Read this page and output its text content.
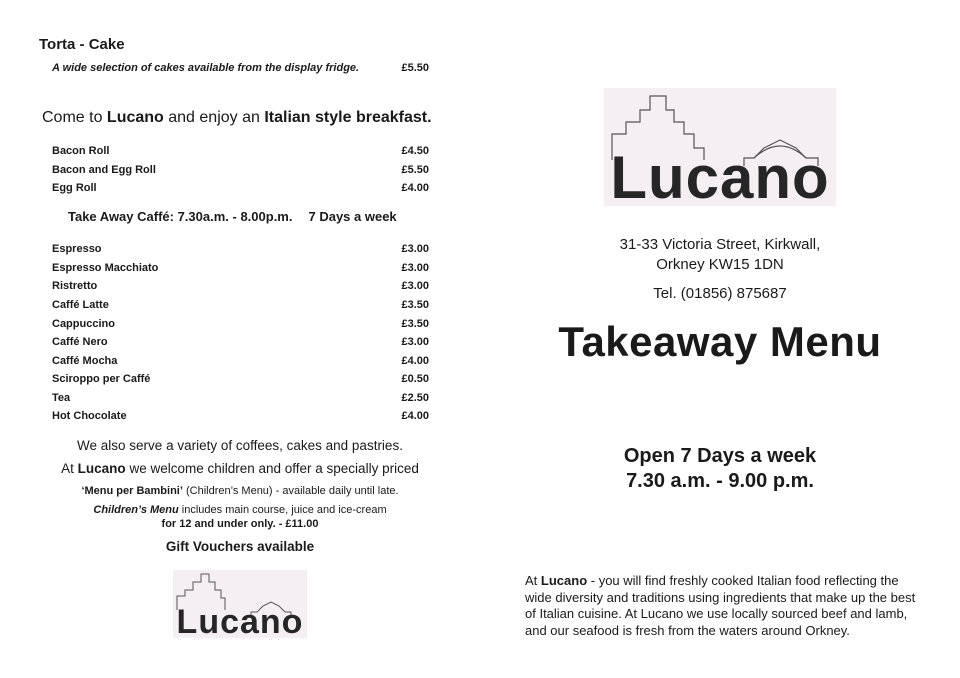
Torta - Cake
A wide selection of cakes available from the display fridge.	£5.50
Come to Lucano and enjoy an Italian style breakfast.
Bacon Roll	£4.50
Bacon and Egg Roll	£5.50
Egg Roll	£4.00
Take Away Caffé: 7.30a.m. - 8.00p.m. 7 Days a week
Espresso	£3.00
Espresso Macchiato	£3.00
Ristretto	£3.00
Caffé Latte	£3.50
Cappuccino	£3.50
Caffé Nero	£3.00
Caffé Mocha	£4.00
Sciroppo per Caffé	£0.50
Tea	£2.50
Hot Chocolate	£4.00
We also serve a variety of coffees, cakes and pastries.
At Lucano we welcome children and offer a specially priced
‘Menu per Bambini’ (Children’s Menu) - available daily until late.
Children’s Menu includes main course, juice and ice-cream
for 12 and under only. - £11.00
Gift Vouchers available
Lucano
Lucano
31-33 Victoria Street, Kirkwall,
Orkney KW15 1DN
Tel. (01856) 875687
Takeaway Menu
Open 7 Days a week
7.30 a.m. - 9.00 p.m.
At Lucano - you will find freshly cooked Italian food reflecting the wide diversity and traditions using ingredients that make up the best of Italian cuisine. At Lucano we use locally sourced beef and lamb, and our seafood is fresh from the waters around Orkney.
